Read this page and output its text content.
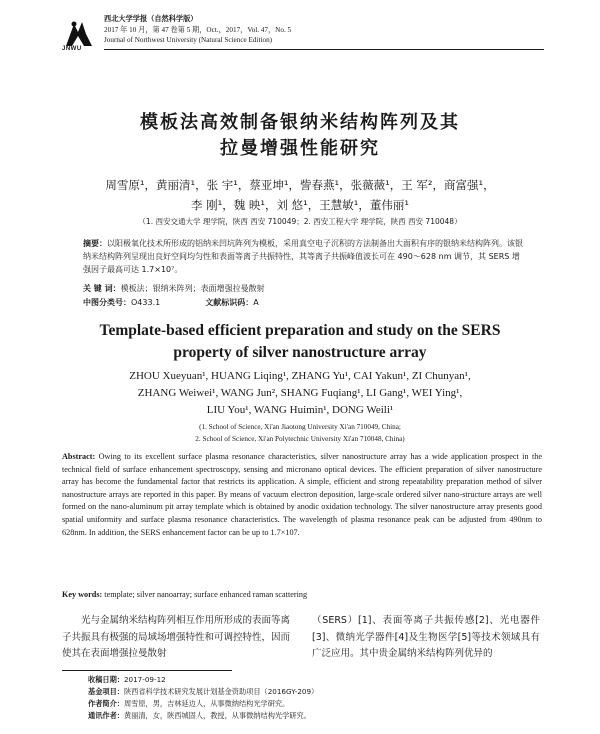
JNWU
西北大学学报（自然科学版）
2017 年 10 月，第 47 卷第 5 期，Oct.，2017，Vol. 47，No. 5
Journal of Northwest University (Natural Science Edition)
模板法高效制备银纳米结构阵列及其
拉曼增强性能研究
周雪原¹，黄丽清¹，张 宇¹，蔡亚坤¹，訾春燕¹，张薇薇¹，王 军²，商富强¹，
李 刚¹，魏 映¹，刘 悠¹，王慧敏¹，董伟丽¹
（1. 西安交通大学 理学院，陕西 西安 710049；2. 西安工程大学 理学院，陕西 西安 710048）
摘要：以阳极氧化技术所形成的铝纳米凹坑阵列为模板，采用真空电子沉积的方法制备出大面积有序的银纳米结构阵列。该银纳米结构阵列呈现出良好空间均匀性和表面等离子共振特性，其等离子共振峰值波长可在 490～628 nm 调节，其 SERS 增强因子最高可达 1.7×10⁷。
关 键 词：模板法；银纳米阵列；表面增强拉曼散射
中图分类号：O433.1	文献标识码：A
Template-based efficient preparation and study on the SERS
property of silver nanostructure array
ZHOU Xueyuan¹, HUANG Liqing¹, ZHANG Yu¹, CAI Yakun¹, ZI Chunyan¹,
ZHANG Weiwei¹, WANG Jun², SHANG Fuqiang¹, LI Gang¹, WEI Ying¹,
LIU You¹, WANG Huimin¹, DONG Weili¹
(1. School of Science, Xi'an Jiaotong University Xi'an 710049, China;
2. School of Science, Xi'an Polytechnic University Xi'an 710048, China)
Abstract: Owing to its excellent surface plasma resonance characteristics, silver nanostructure array has a wide application prospect in the technical field of surface enhancement spectroscopy, sensing and micronano optical devices. The efficient preparation of silver nanostructure array has become the fundamental factor that restricts its application. A simple, efficient and strong repeatability preparation method of silver nanostructure arrays are reported in this paper. By means of vacuum electron deposition, large-scale ordered silver nano-structure arrays are well formed on the nano-aluminum pit array template which is obtained by anodic oxidation technology. The silver nanostructure array presents good spatial uniformity and surface plasma resonance characteristics. The wavelength of plasma resonance peak can be adjusted from 490nm to 628nm. In addition, the SERS enhancement factor can be up to 1.7×107.
Key words: template; silver nanoarray; surface enhanced raman scattering
光与金属纳米结构阵列相互作用所形成的表面等离子共振具有极强的局域场增强特性和可调控特性，因而使其在表面增强拉曼散射
（SERS）[1]、表面等离子共振传感[2]、光电器件[3]、微纳光学器件[4]及生物医学[5]等技术领域具有广泛应用。其中贵金属纳米结构阵列优异的
收稿日期：2017-09-12
基金项目：陕西省科学技术研究发展计划基金资助项目（2016GY-209）
作者简介：周雪原，男，吉林延边人，从事微纳结构光学研究。
通讯作者：黄丽清，女，陕西城固人，教授，从事微纳结构光学研究。
